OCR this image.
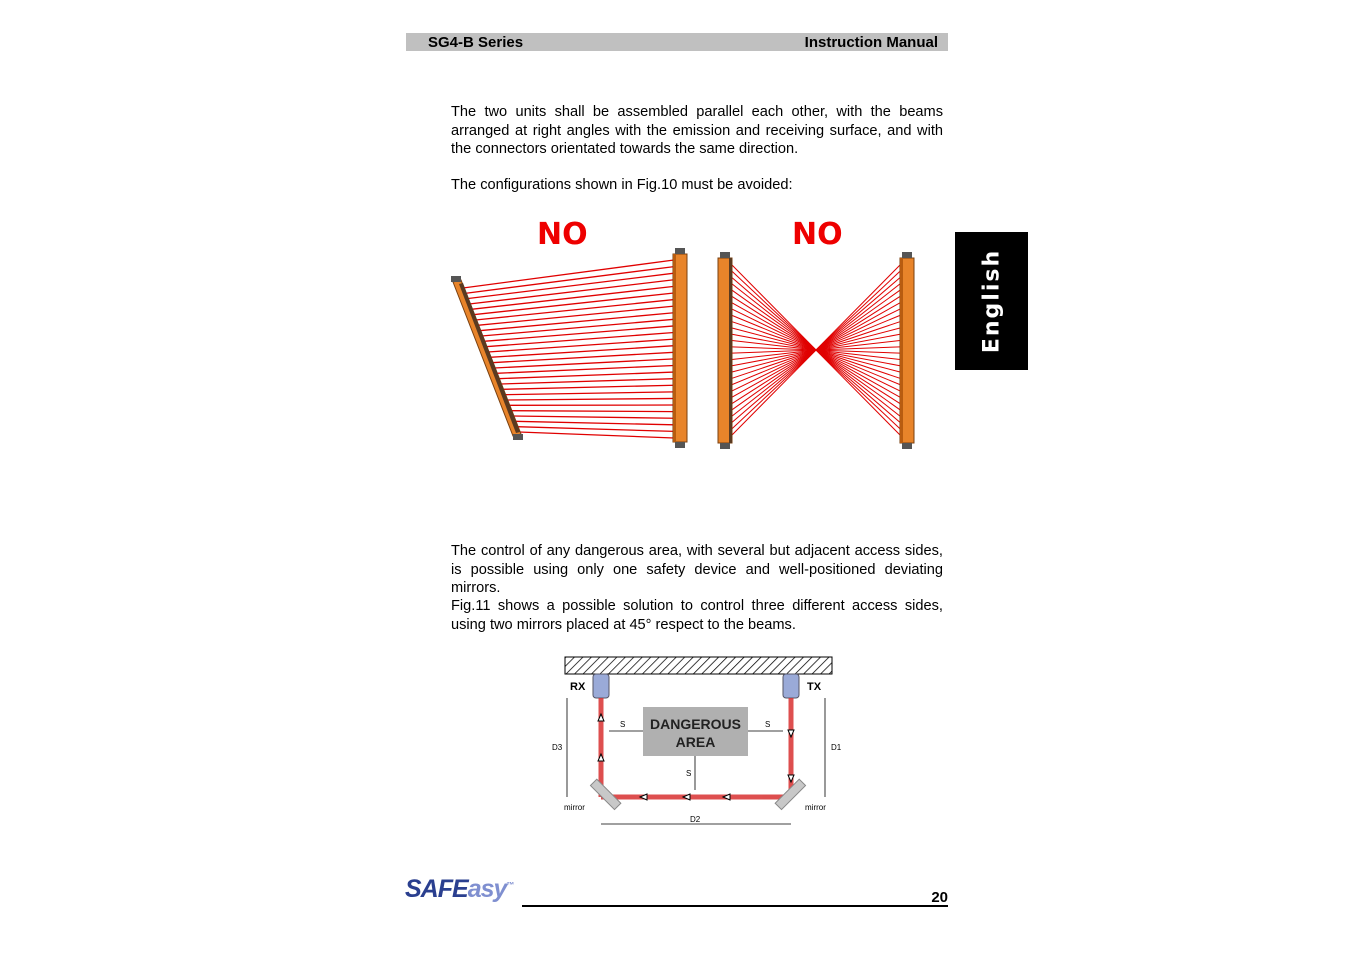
SG4-B Series	Instruction Manual
English
The two units shall be assembled parallel each other, with the beams arranged at right angles with the emission and receiving surface, and with the connectors orientated towards the same direction.
The configurations shown in Fig.10 must be avoided:
NO	NO
The control of any dangerous area, with several but adjacent access sides, is possible using only one safety device and well-positioned deviating mirrors.
Fig.11 shows a possible solution to control three different access sides, using two mirrors placed at 45° respect to the beams.
RX	TX
DANGEROUS
AREA
S	S
S
D3	D1
D2
mirror	mirror
SAFEasy™
20
